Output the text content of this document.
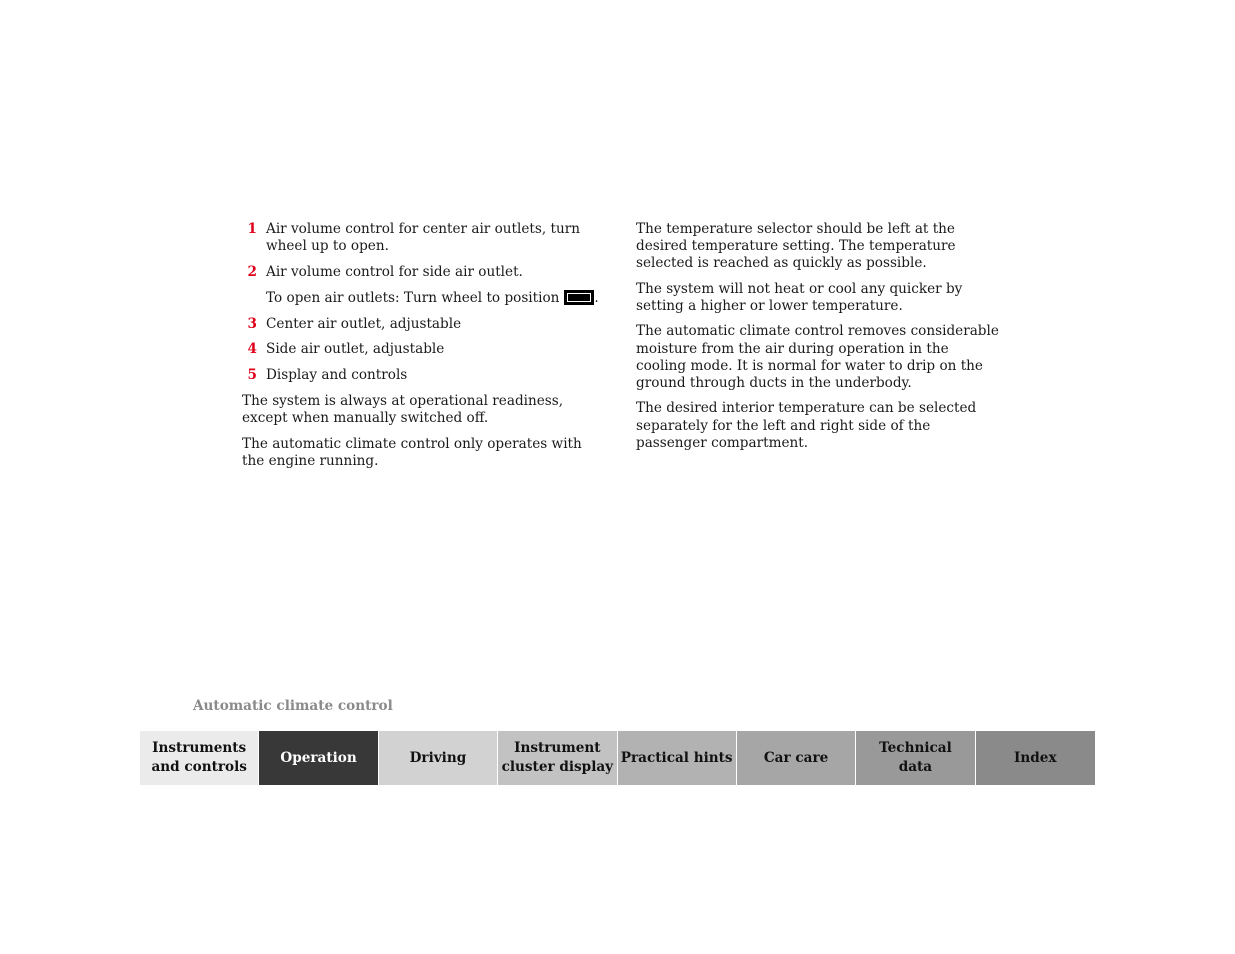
1 Air volume control for center air outlets, turn wheel up to open.
2 Air volume control for side air outlet.
To open air outlets: Turn wheel to position	.
3 Center air outlet, adjustable
4 Side air outlet, adjustable
5 Display and controls

The system is always at operational readiness, except when manually switched off.

The automatic climate control only operates with the engine running.

The temperature selector should be left at the desired temperature setting. The temperature selected is reached as quickly as possible.

The system will not heat or cool any quicker by setting a higher or lower temperature.

The automatic climate control removes considerable moisture from the air during operation in the cooling mode. It is normal for water to drip on the ground through ducts in the underbody.

The desired interior temperature can be selected separately for the left and right side of the passenger compartment.

Automatic climate control
Instruments
and controls
Operation	Driving
Instrument
cluster display
Practical hints Car care
Technical
data
Index
